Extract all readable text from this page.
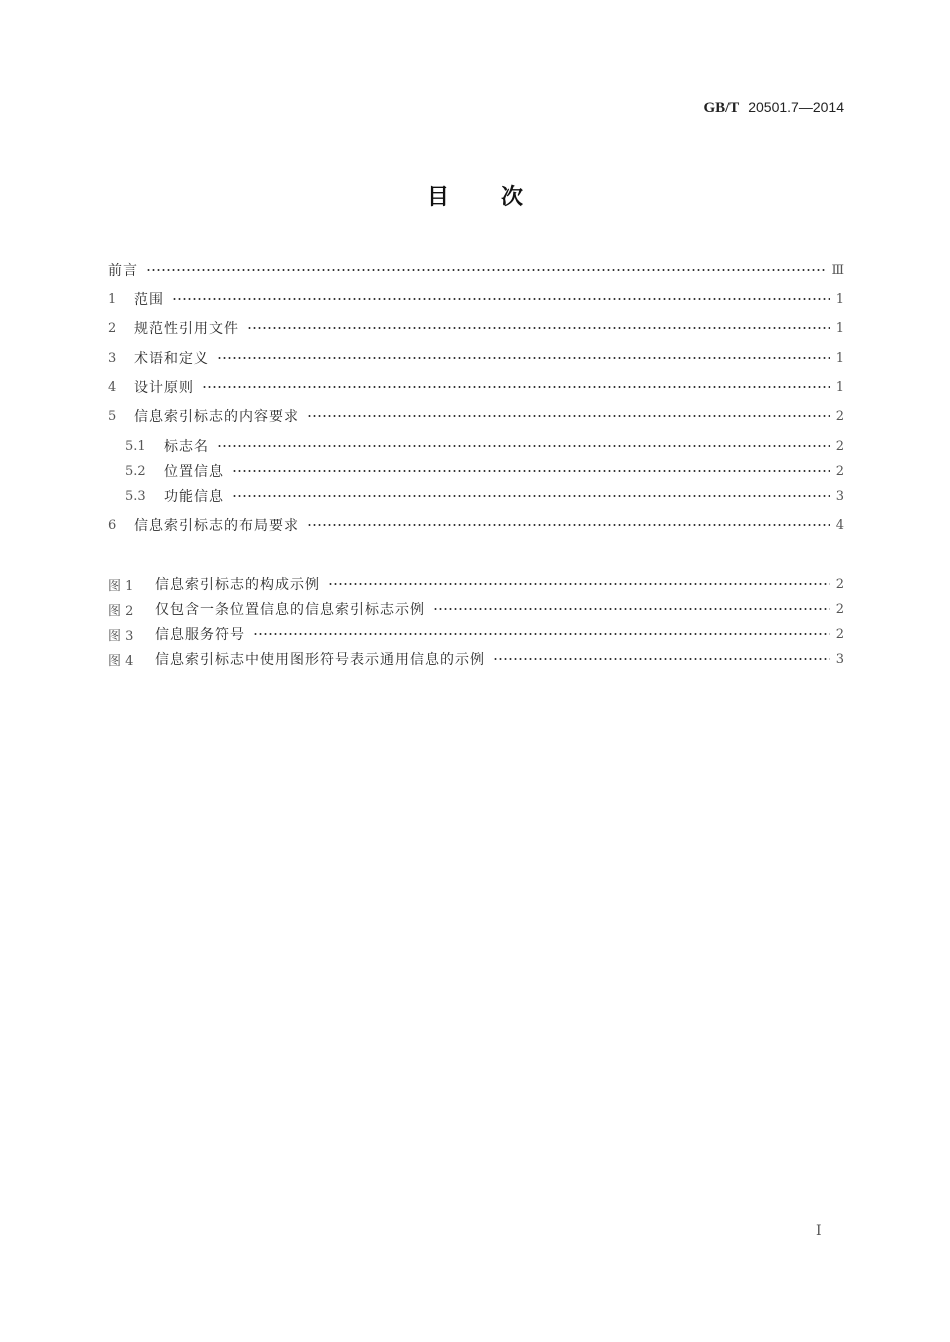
GB/T 20501.7—2014
目次
前言	Ⅲ
1	范围	1
2	规范性引用文件	1
3	术语和定义	1
4	设计原则	1
5	信息索引标志的内容要求	2
5.1	标志名	2
5.2	位置信息	2
5.3	功能信息	3
6	信息索引标志的布局要求	4
图 1	信息索引标志的构成示例	2
图 2	仅包含一条位置信息的信息索引标志示例	2
图 3	信息服务符号	2
图 4	信息索引标志中使用图形符号表示通用信息的示例	3
I
